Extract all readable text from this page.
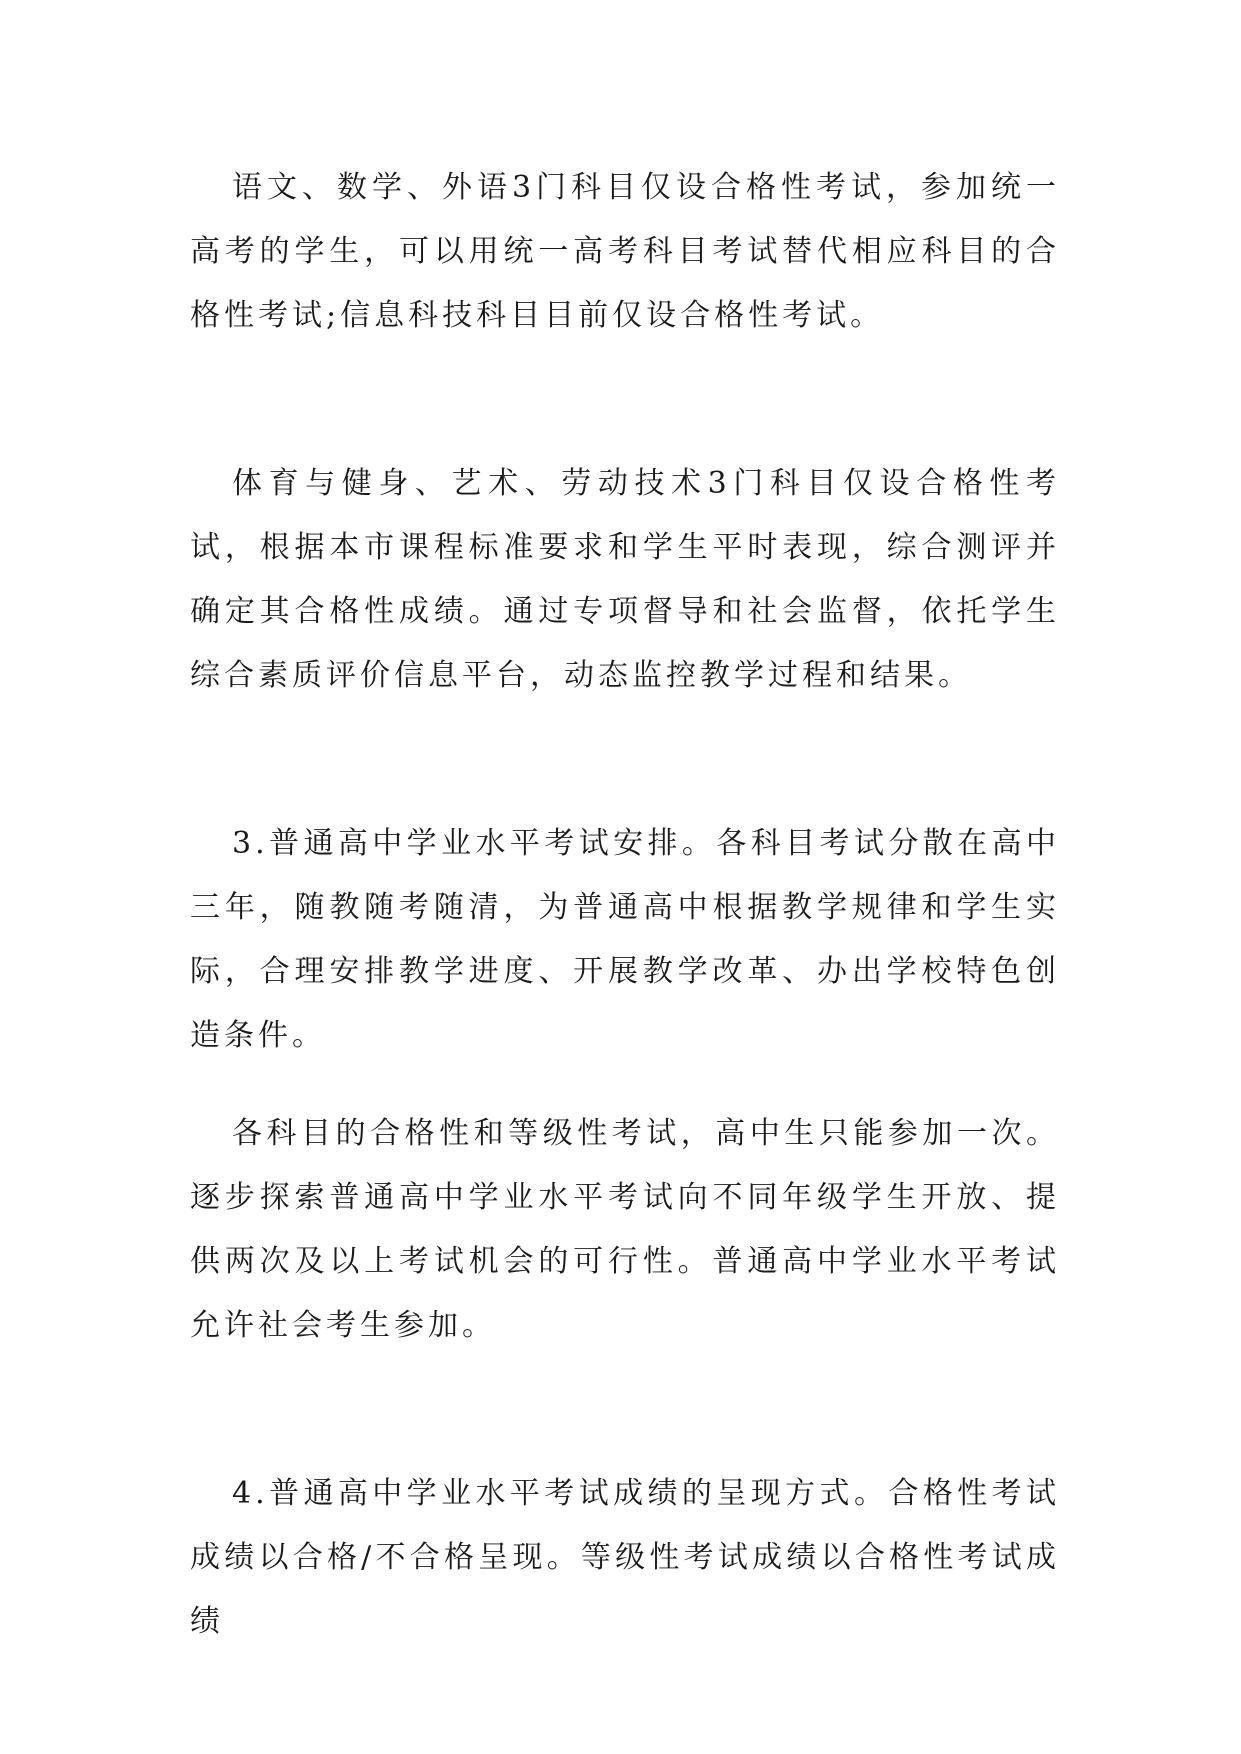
语文、数学、外语3门科目仅设合格性考试，参加统一高考的学生，可以用统一高考科目考试替代相应科目的合格性考试;信息科技科目目前仅设合格性考试。

体育与健身、艺术、劳动技术3门科目仅设合格性考试，根据本市课程标准要求和学生平时表现，综合测评并确定其合格性成绩。通过专项督导和社会监督，依托学生综合素质评价信息平台，动态监控教学过程和结果。

3.普通高中学业水平考试安排。各科目考试分散在高中三年，随教随考随清，为普通高中根据教学规律和学生实际，合理安排教学进度、开展教学改革、办出学校特色创造条件。

各科目的合格性和等级性考试，高中生只能参加一次。逐步探索普通高中学业水平考试向不同年级学生开放、提供两次及以上考试机会的可行性。普通高中学业水平考试允许社会考生参加。

4.普通高中学业水平考试成绩的呈现方式。合格性考试成绩以合格/不合格呈现。等级性考试成绩以合格性考试成绩
